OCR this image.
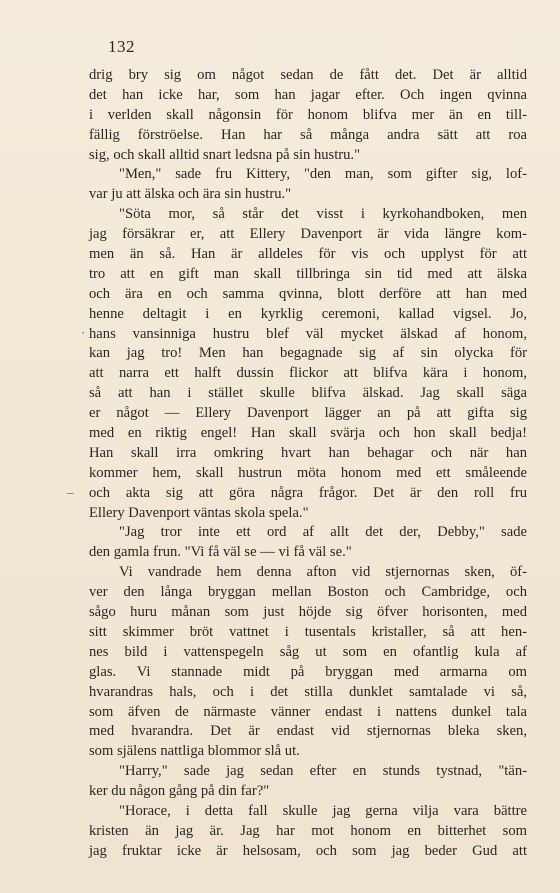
132
·
_
drig bry sig om något sedan de fått det. Det är alltid
det han icke har, som han jagar efter. Och ingen qvinna
i verlden skall någonsin för honom blifva mer än en till-
fällig förströelse. Han har så många andra sätt att roa
sig, och skall alltid snart ledsna på sin hustru."
"Men," sade fru Kittery, "den man, som gifter sig, lof-
var ju att älska och ära sin hustru."
"Söta mor, så står det visst i kyrkohandboken, men
jag försäkrar er, att Ellery Davenport är vida längre kom-
men än så. Han är alldeles för vis och upplyst för att
tro att en gift man skall tillbringa sin tid med att älska
och ära en och samma qvinna, blott derföre att han med
henne deltagit i en kyrklig ceremoni, kallad vigsel. Jo,
hans vansinniga hustru blef väl mycket älskad af honom,
kan jag tro! Men han begagnade sig af sin olycka för
att narra ett halft dussin flickor att blifva kära i honom,
så att han i stället skulle blifva älskad. Jag skall säga
er något — Ellery Davenport lägger an på att gifta sig
med en riktig engel! Han skall svärja och hon skall bedja!
Han skall irra omkring hvart han behagar och när han
kommer hem, skall hustrun möta honom med ett småleende
och akta sig att göra några frågor. Det är den roll fru
Ellery Davenport väntas skola spela."
"Jag tror inte ett ord af allt det der, Debby," sade
den gamla frun. "Vi få väl se — vi få väl se."
Vi vandrade hem denna afton vid stjernornas sken, öf-
ver den långa bryggan mellan Boston och Cambridge, och
sågo huru månan som just höjde sig öfver horisonten, med
sitt skimmer bröt vattnet i tusentals kristaller, så att hen-
nes bild i vattenspegeln såg ut som en ofantlig kula af
glas. Vi stannade midt på bryggan med armarna om
hvarandras hals, och i det stilla dunklet samtalade vi så,
som äfven de närmaste vänner endast i nattens dunkel tala
med hvarandra. Det är endast vid stjernornas bleka sken,
som själens nattliga blommor slå ut.
"Harry," sade jag sedan efter en stunds tystnad, "tän-
ker du någon gång på din far?"
"Horace, i detta fall skulle jag gerna vilja vara bättre
kristen än jag är. Jag har mot honom en bitterhet som
jag fruktar icke är helsosam, och som jag beder Gud att
